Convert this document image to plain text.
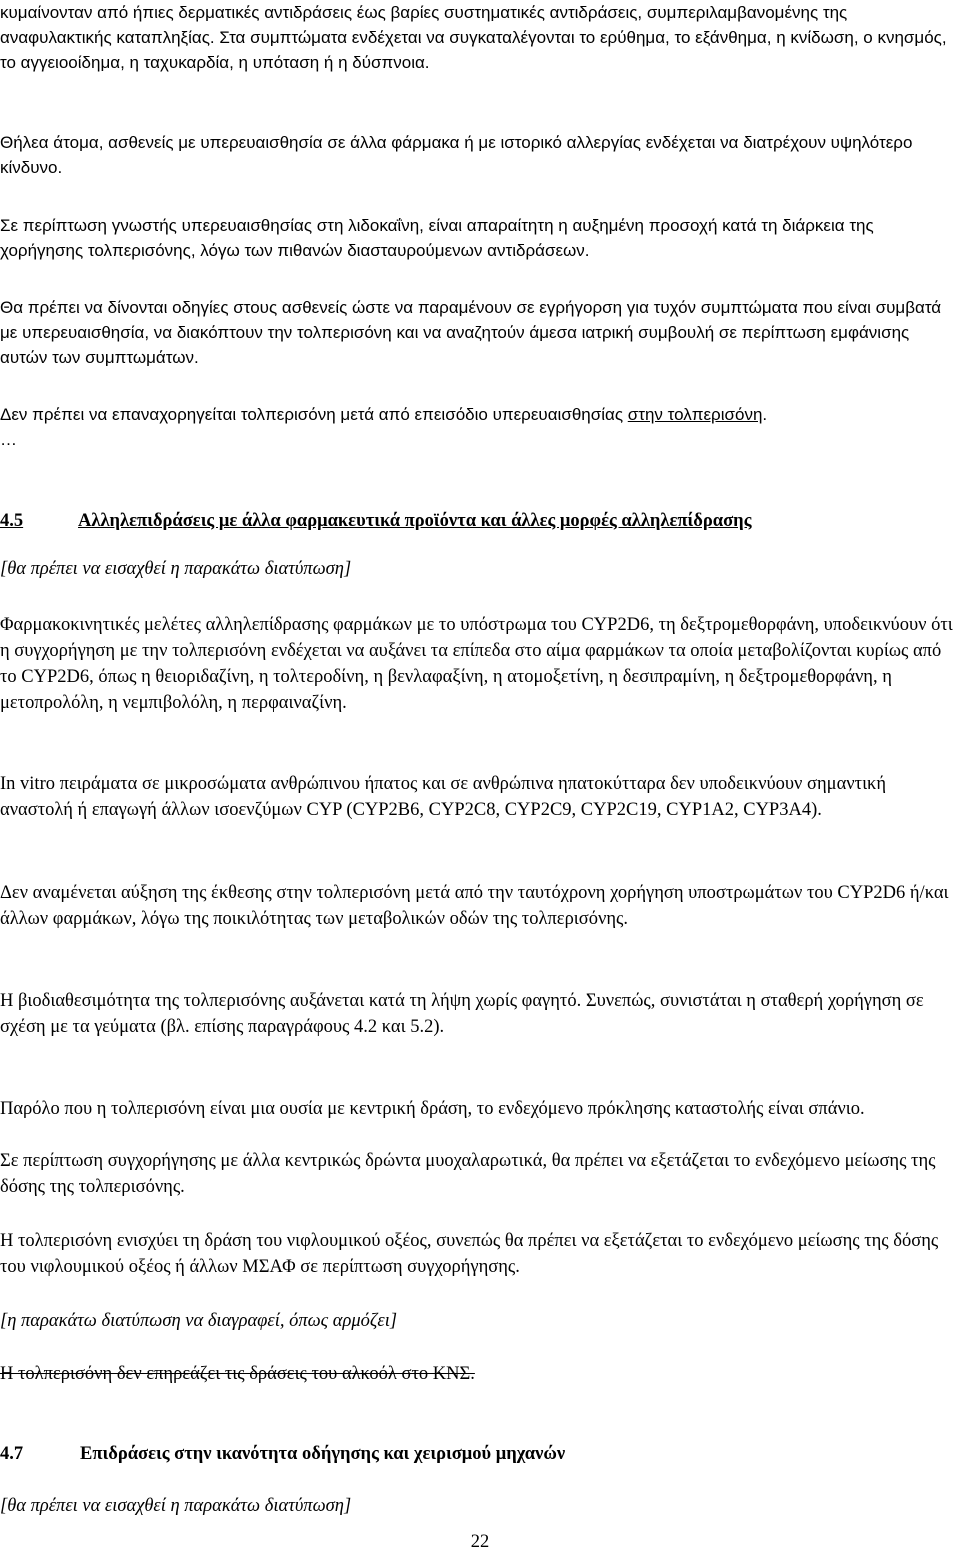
κυμαίνονταν από ήπιες δερματικές αντιδράσεις έως βαρίες συστηματικές αντιδράσεις, συμπεριλαμβανομένης της αναφυλακτικής καταπληξίας. Στα συμπτώματα ενδέχεται να συγκαταλέγονται το ερύθημα, το εξάνθημα, η κνίδωση, ο κνησμός, το αγγειοοίδημα, η ταχυκαρδία, η υπόταση ή η δύσπνοια.

Θήλεα άτομα, ασθενείς με υπερευαισθησία σε άλλα φάρμακα ή με ιστορικό αλλεργίας ενδέχεται να διατρέχουν υψηλότερο κίνδυνο.

Σε περίπτωση γνωστής υπερευαισθησίας στη λιδοκαΐνη, είναι απαραίτητη η αυξημένη προσοχή κατά τη διάρκεια της χορήγησης τολπερισόνης, λόγω των πιθανών διασταυρούμενων αντιδράσεων.

Θα πρέπει να δίνονται οδηγίες στους ασθενείς ώστε να παραμένουν σε εγρήγορση για τυχόν συμπτώματα που είναι συμβατά με υπερευαισθησία, να διακόπτουν την τολπερισόνη και να αναζητούν άμεσα ιατρική συμβουλή σε περίπτωση εμφάνισης αυτών των συμπτωμάτων.

Δεν πρέπει να επαναχορηγείται τολπερισόνη μετά από επεισόδιο υπερευαισθησίας στην τολπερισόνη.
…

4.5	Αλληλεπιδράσεις με άλλα φαρμακευτικά προϊόντα και άλλες μορφές αλληλεπίδρασης

[θα πρέπει να εισαχθεί η παρακάτω διατύπωση]

Φαρμακοκινητικές μελέτες αλληλεπίδρασης φαρμάκων με το υπόστρωμα του CYP2D6, τη δεξτρομεθορφάνη, υποδεικνύουν ότι η συγχορήγηση με την τολπερισόνη ενδέχεται να αυξάνει τα επίπεδα στο αίμα φαρμάκων τα οποία μεταβολίζονται κυρίως από το CYP2D6, όπως η θειοριδαζίνη, η τολτεροδίνη, η βενλαφαξίνη, η ατομοξετίνη, η δεσιπραμίνη, η δεξτρομεθορφάνη, η μετοπρολόλη, η νεμπιβολόλη, η περφαιναζίνη.

In vitro πειράματα σε μικροσώματα ανθρώπινου ήπατος και σε ανθρώπινα ηπατοκύτταρα δεν υποδεικνύουν σημαντική αναστολή ή επαγωγή άλλων ισοενζύμων CYP (CYP2B6, CYP2C8, CYP2C9, CYP2C19, CYP1A2, CYP3A4).

Δεν αναμένεται αύξηση της έκθεσης στην τολπερισόνη μετά από την ταυτόχρονη χορήγηση υποστρωμάτων του CYP2D6 ή/και άλλων φαρμάκων, λόγω της ποικιλότητας των μεταβολικών οδών της τολπερισόνης.

Η βιοδιαθεσιμότητα της τολπερισόνης αυξάνεται κατά τη λήψη χωρίς φαγητό. Συνεπώς, συνιστάται η σταθερή χορήγηση σε σχέση με τα γεύματα (βλ. επίσης παραγράφους 4.2 και 5.2).

Παρόλο που η τολπερισόνη είναι μια ουσία με κεντρική δράση, το ενδεχόμενο πρόκλησης καταστολής είναι σπάνιο.

Σε περίπτωση συγχορήγησης με άλλα κεντρικώς δρώντα μυοχαλαρωτικά, θα πρέπει να εξετάζεται το ενδεχόμενο μείωσης της δόσης της τολπερισόνης.

Η τολπερισόνη ενισχύει τη δράση του νιφλουμικού οξέος, συνεπώς θα πρέπει να εξετάζεται το ενδεχόμενο μείωσης της δόσης του νιφλουμικού οξέος ή άλλων ΜΣΑΦ σε περίπτωση συγχορήγησης.

[η παρακάτω διατύπωση να διαγραφεί, όπως αρμόζει]

Η τολπερισόνη δεν επηρεάζει τις δράσεις του αλκοόλ στο ΚΝΣ.

4.7	Επιδράσεις στην ικανότητα οδήγησης και χειρισμού μηχανών

[θα πρέπει να εισαχθεί η παρακάτω διατύπωση]

22
